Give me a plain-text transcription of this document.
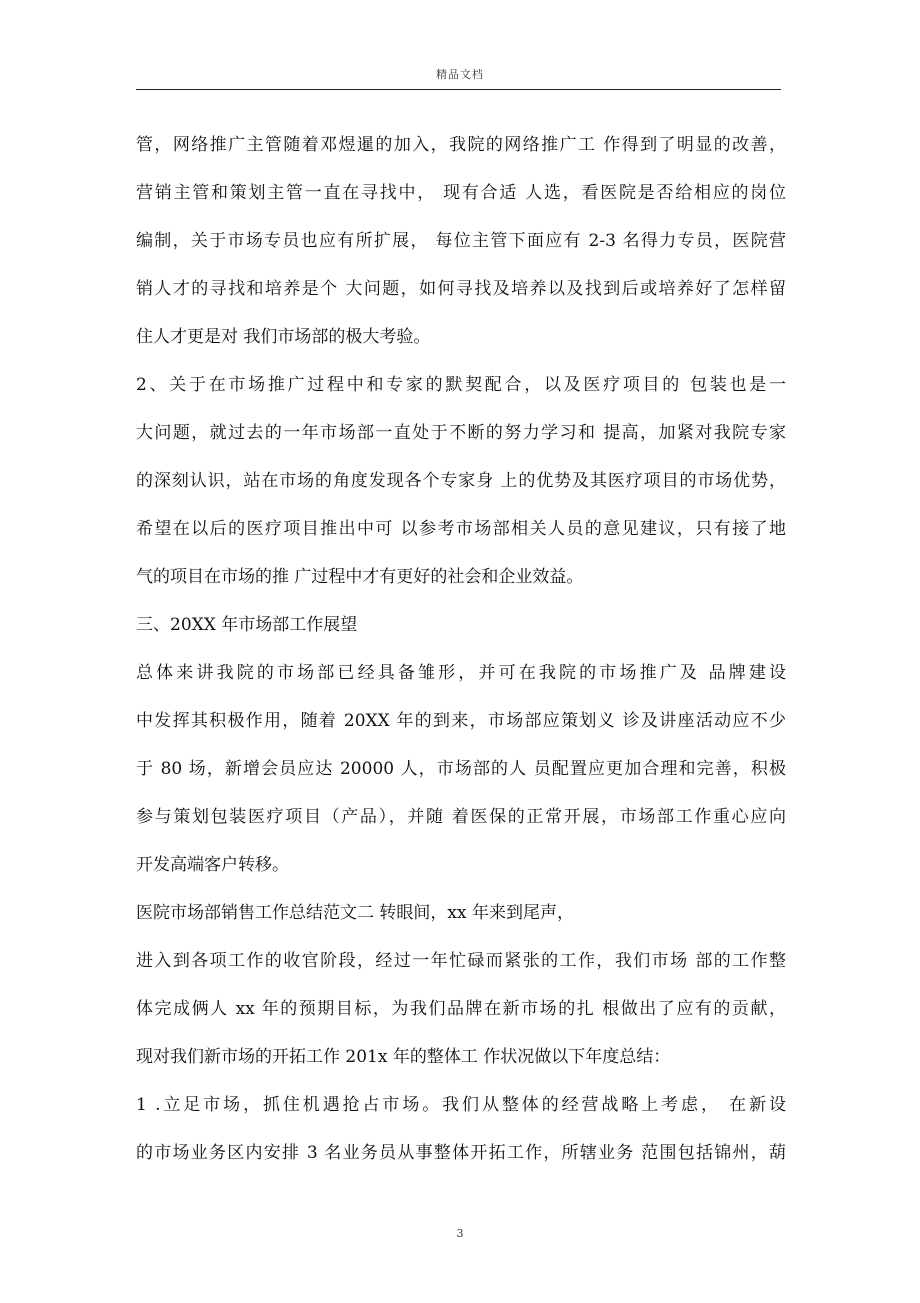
精品文档
管，网络推广主管随着邓煜暹的加入，我院的网络推广工 作得到了明显的改善，
营销主管和策划主管一直在寻找中， 现有合适 人选，看医院是否给相应的岗位
编制，关于市场专员也应有所扩展， 每位主管下面应有 2-3 名得力专员，医院营
销人才的寻找和培养是个 大问题，如何寻找及培养以及找到后或培养好了怎样留
住人才更是对 我们市场部的极大考验。
2、关于在市场推广过程中和专家的默契配合，以及医疗项目的 包装也是一
大问题，就过去的一年市场部一直处于不断的努力学习和 提高，加紧对我院专家
的深刻认识，站在市场的角度发现各个专家身 上的优势及其医疗项目的市场优势，
希望在以后的医疗项目推出中可 以参考市场部相关人员的意见建议，只有接了地
气的项目在市场的推 广过程中才有更好的社会和企业效益。
三、20XX 年市场部工作展望
总体来讲我院的市场部已经具备雏形，并可在我院的市场推广及 品牌建设
中发挥其积极作用，随着 20XX 年的到来，市场部应策划义 诊及讲座活动应不少
于 80 场，新增会员应达 20000 人，市场部的人 员配置应更加合理和完善，积极
参与策划包装医疗项目（产品），并随 着医保的正常开展，市场部工作重心应向
开发高端客户转移。
医院市场部销售工作总结范文二 转眼间，xx 年来到尾声，
进入到各项工作的收官阶段，经过一年忙碌而紧张的工作，我们市场 部的工作整
体完成俩人 xx 年的预期目标，为我们品牌在新市场的扎 根做出了应有的贡献，
现对我们新市场的开拓工作 201x 年的整体工 作状况做以下年度总结：
1 .立足市场，抓住机遇抢占市场。我们从整体的经营战略上考虑， 在新设
的市场业务区内安排 3 名业务员从事整体开拓工作，所辖业务 范围包括锦州，葫
3
